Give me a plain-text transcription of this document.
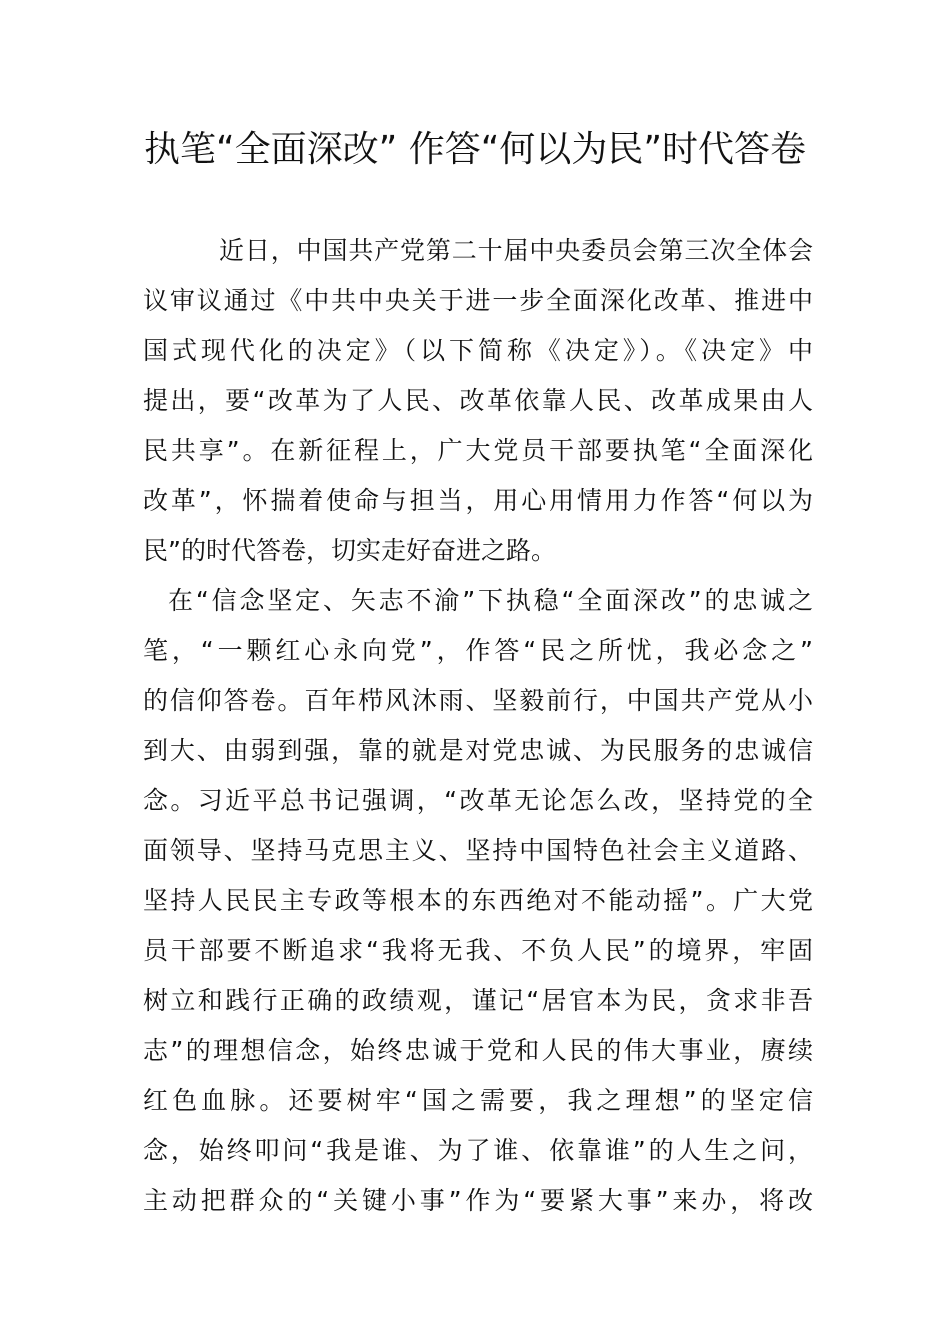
执笔“全面深改” 作答“何以为民”时代答卷

近日，中国共产党第二十届中央委员会第三次全体会

议审议通过《中共中央关于进一步全面深化改革、推进中

国式现代化的决定》（以下简称《决定》）。《决定》中

提出，要“改革为了人民、改革依靠人民、改革成果由人

民共享”。在新征程上，广大党员干部要执笔“全面深化

改革”，怀揣着使命与担当，用心用情用力作答“何以为

民”的时代答卷，切实走好奋进之路。

在“信念坚定、矢志不渝”下执稳“全面深改”的忠诚之

笔，“一颗红心永向党”，作答“民之所忧，我必念之”

的信仰答卷。百年栉风沐雨、坚毅前行，中国共产党从小

到大、由弱到强，靠的就是对党忠诚、为民服务的忠诚信

念。习近平总书记强调，“改革无论怎么改，坚持党的全

面领导、坚持马克思主义、坚持中国特色社会主义道路、

坚持人民民主专政等根本的东西绝对不能动摇”。广大党

员干部要不断追求“我将无我、不负人民”的境界，牢固

树立和践行正确的政绩观，谨记“居官本为民，贪求非吾

志”的理想信念，始终忠诚于党和人民的伟大事业，赓续

红色血脉。还要树牢“国之需要，我之理想”的坚定信

念，始终叩问“我是谁、为了谁、依靠谁”的人生之问，

主动把群众的“关键小事”作为“要紧大事”来办，将改
